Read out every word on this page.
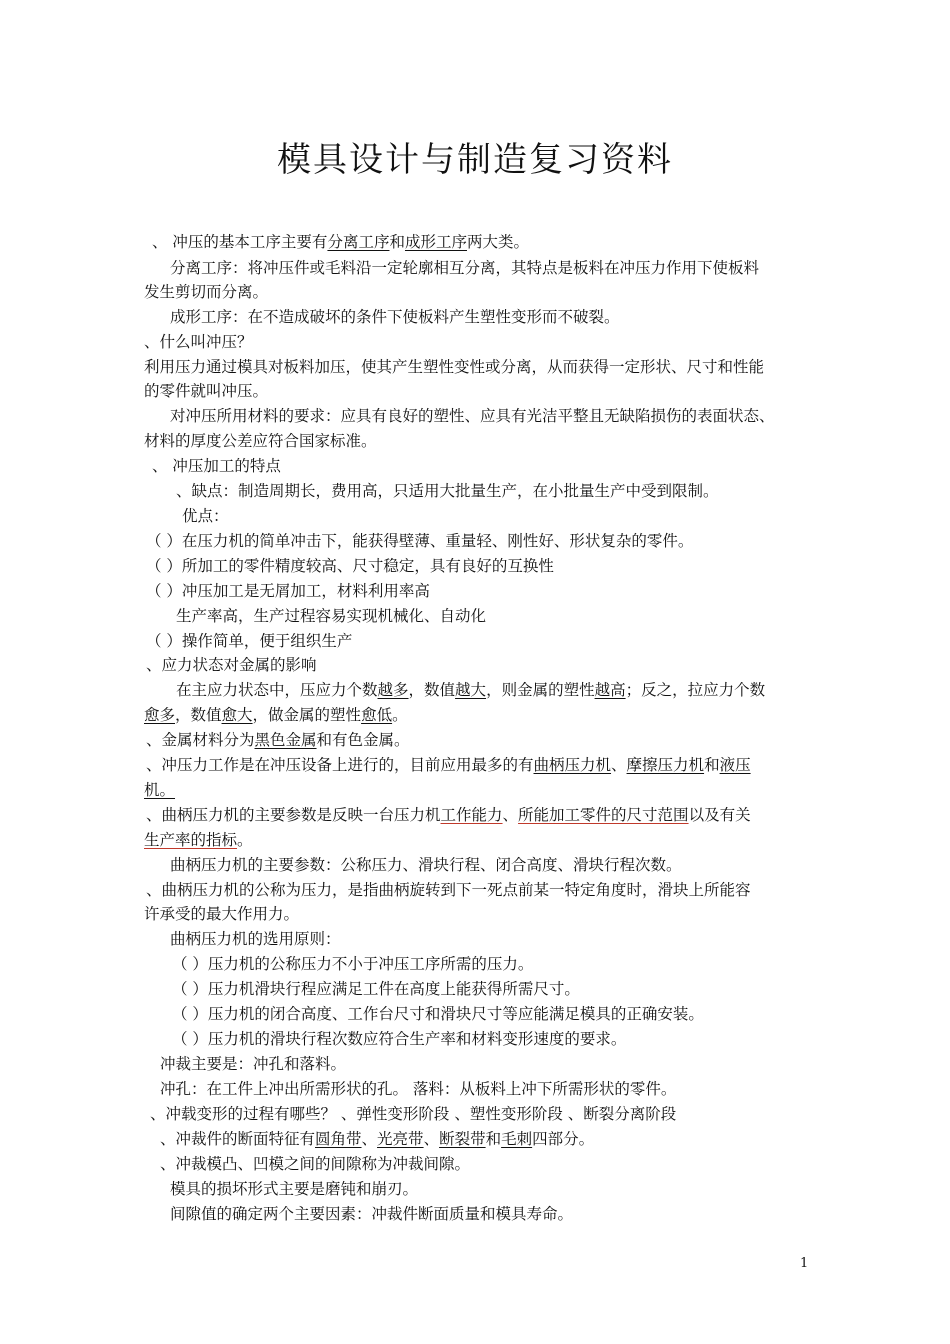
模具设计与制造复习资料
、 冲压的基本工序主要有分离工序和成形工序两大类。
分离工序：将冲压件或毛料沿一定轮廓相互分离，其特点是板料在冲压力作用下使板料
发生剪切而分离。
成形工序：在不造成破坏的条件下使板料产生塑性变形而不破裂。
、什么叫冲压？
利用压力通过模具对板料加压，使其产生塑性变性或分离，从而获得一定形状、尺寸和性能
的零件就叫冲压。
对冲压所用材料的要求：应具有良好的塑性、应具有光洁平整且无缺陷损伤的表面状态、
材料的厚度公差应符合国家标准。
、 冲压加工的特点
、缺点：制造周期长，费用高，只适用大批量生产，在小批量生产中受到限制。
优点：
（ ）在压力机的简单冲击下，能获得壁薄、重量轻、刚性好、形状复杂的零件。
（ ）所加工的零件精度较高、尺寸稳定，具有良好的互换性
（ ）冲压加工是无屑加工，材料利用率高
生产率高，生产过程容易实现机械化、自动化
（ ）操作简单，便于组织生产
、应力状态对金属的影响
在主应力状态中，压应力个数越多，数值越大，则金属的塑性越高；反之，拉应力个数
愈多，数值愈大，做金属的塑性愈低。
、金属材料分为黑色金属和有色金属。
、冲压力工作是在冲压设备上进行的，目前应用最多的有曲柄压力机、摩擦压力机和液压
机。
、曲柄压力机的主要参数是反映一台压力机工作能力、所能加工零件的尺寸范围以及有关
生产率的指标。
曲柄压力机的主要参数：公称压力、滑块行程、闭合高度、滑块行程次数。
、曲柄压力机的公称为压力，是指曲柄旋转到下一死点前某一特定角度时，滑块上所能容
许承受的最大作用力。
曲柄压力机的选用原则：
（ ）压力机的公称压力不小于冲压工序所需的压力。
（ ）压力机滑块行程应满足工件在高度上能获得所需尺寸。
（ ）压力机的闭合高度、工作台尺寸和滑块尺寸等应能满足模具的正确安装。
（ ）压力机的滑块行程次数应符合生产率和材料变形速度的要求。
冲裁主要是：冲孔和落料。
冲孔：在工件上冲出所需形状的孔。 落料：从板料上冲下所需形状的零件。
、冲载变形的过程有哪些？ 、弹性变形阶段 、塑性变形阶段 、断裂分离阶段
、冲裁件的断面特征有圆角带、光亮带、断裂带和毛刺四部分。
、冲裁模凸、凹模之间的间隙称为冲裁间隙。
模具的损坏形式主要是磨钝和崩刃。
间隙值的确定两个主要因素：冲裁件断面质量和模具寿命。
1
